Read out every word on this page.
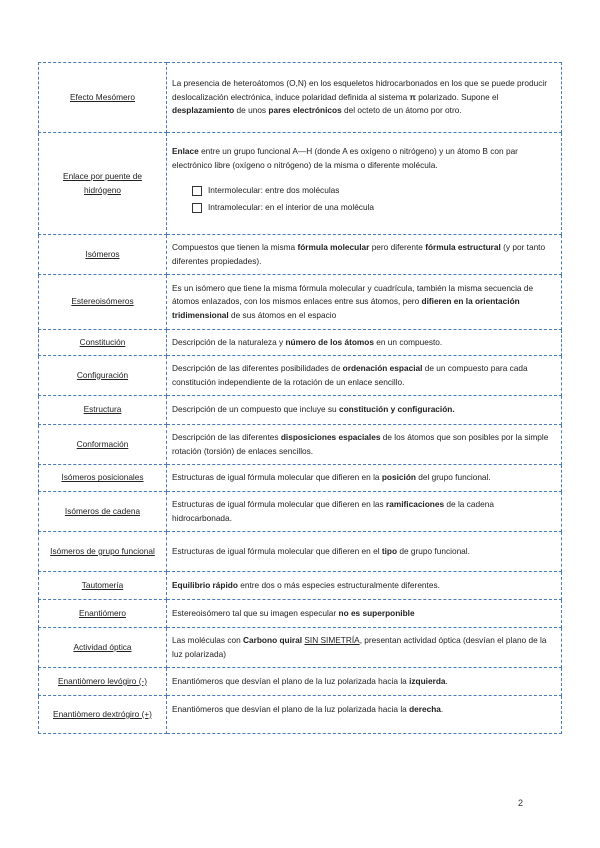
Efecto Mesómero	La presencia de heteroátomos (O,N) en los esqueletos hidrocarbonados en los que se puede producir deslocalización electrónica, induce polaridad definida al sistema π polarizado. Supone el desplazamiento de unos pares electrónicos del octeto de un átomo por otro.
Enlace por puente de hidrógeno	Enlace entre un grupo funcional A—H (donde A es oxígeno o nitrógeno) y un átomo B con par electrónico libre (oxígeno o nitrógeno) de la misma o diferente molécula.
Intermolecular: entre dos moléculas
Intramolecular: en el interior de una molécula

Isómeros	Compuestos que tienen la misma fórmula molecular pero diferente fórmula estructural (y por tanto diferentes propiedades).
Estereoisómeros	Es un isómero que tiene la misma fórmula molecular y cuadrícula, también la misma secuencia de átomos enlazados, con los mismos enlaces entre sus átomos, pero difieren en la orientación tridimensional de sus átomos en el espacio
Constitución	Descripción de la naturaleza y número de los átomos en un compuesto.
Configuración	Descripción de las diferentes posibilidades de ordenación espacial de un compuesto para cada constitución independiente de la rotación de un enlace sencillo.
Estructura	Descripción de un compuesto que incluye su constitución y configuración.
Conformación	Descripción de las diferentes disposiciones espaciales de los átomos que son posibles por la simple rotación (torsión) de enlaces sencillos.
Isómeros posicionales	Estructuras de igual fórmula molecular que difieren en la posición del grupo funcional.
Isómeros de cadena	Estructuras de igual fórmula molecular que difieren en las ramificaciones de la cadena hidrocarbonada.
Isómeros de grupo funcional	Estructuras de igual fórmula molecular que difieren en el tipo de grupo funcional.
Tautomería	Equilibrio rápido entre dos o más especies estructuralmente diferentes.
Enantiómero	Estereoisómero tal que su imagen especular no es superponible
Actividad óptica	Las moléculas con Carbono quiral SIN SIMETRÍA, presentan actividad óptica (desvían el plano de la luz polarizada)
Enantiòmero levógiro (-)	Enantiómeros que desvían el plano de la luz polarizada hacia la izquierda.
Enantiòmero dextrógiro (+)	Enantiómeros que desvían el plano de la luz polarizada hacia la derecha.
2
